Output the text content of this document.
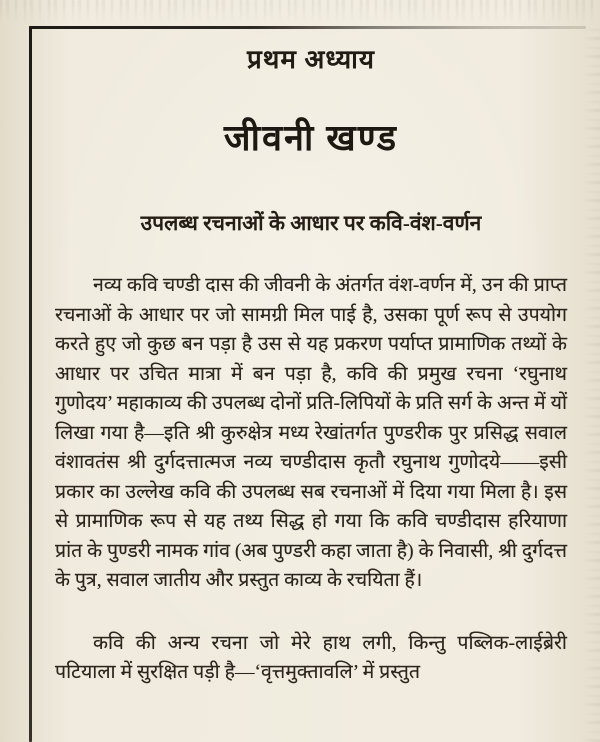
प्रथम अध्याय
जीवनी खण्ड
उपलब्ध रचनाओं के आधार पर कवि-वंश-वर्णन

नव्य कवि चण्डी दास की जीवनी के अंतर्गत वंश-वर्णन में, उन की प्राप्त रचनाओं के आधार पर जो सामग्री मिल पाई है, उसका पूर्ण रूप से उपयोग करते हुए जो कुछ बन पड़ा है उस से यह प्रकरण पर्याप्त प्रामाणिक तथ्यों के आधार पर उचित मात्रा में बन पड़ा है, कवि की प्रमुख रचना ‘रघुनाथ गुणोदय’ महाकाव्य की उपलब्ध दोनों प्रति-लिपियों के प्रति सर्ग के अन्त में यों लिखा गया है—इति श्री कुरुक्षेत्र मध्य रेखांतर्गत पुण्डरीक पुर प्रसिद्ध सवाल वंशावतंस श्री दुर्गदत्तात्मज नव्य चण्डीदास कृतौ रघुनाथ गुणोदये——इसी प्रकार का उल्लेख कवि की उपलब्ध सब रचनाओं में दिया गया मिला है। इस से प्रामाणिक रूप से यह तथ्य सिद्ध हो गया कि कवि चण्डीदास हरियाणा प्रांत के पुण्डरी नामक गांव (अब पुण्डरी कहा जाता है) के निवासी, श्री दुर्गदत्त के पुत्र, सवाल जातीय और प्रस्तुत काव्य के रचयिता हैं।

कवि की अन्य रचना जो मेरे हाथ लगी, किन्तु पब्लिक-लाईब्रेरी पटियाला में सुरक्षित पड़ी है—‘वृत्तमुक्तावलि’ में प्रस्तुत
